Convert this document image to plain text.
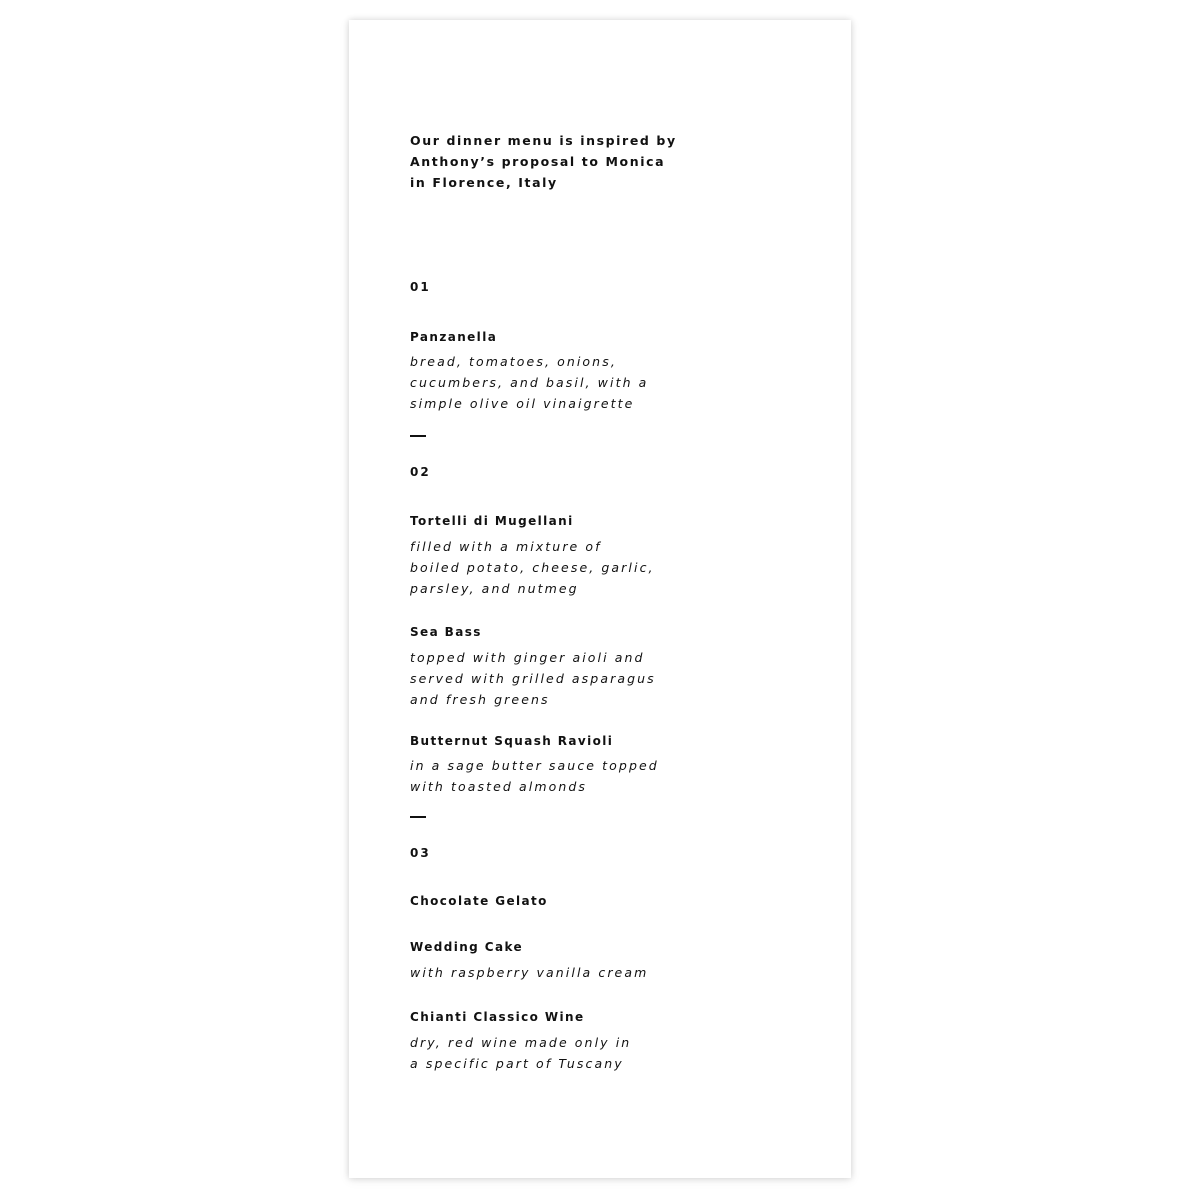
Our dinner menu is inspired by
Anthony’s proposal to Monica
in Florence, Italy
01
Panzanella
bread, tomatoes, onions,
cucumbers, and basil, with a
simple olive oil vinaigrette
02
Tortelli di Mugellani
filled with a mixture of
boiled potato, cheese, garlic,
parsley, and nutmeg
Sea Bass
topped with ginger aioli and
served with grilled asparagus
and fresh greens
Butternut Squash Ravioli
in a sage butter sauce topped
with toasted almonds
03
Chocolate Gelato
Wedding Cake
with raspberry vanilla cream
Chianti Classico Wine
dry, red wine made only in
a specific part of Tuscany
